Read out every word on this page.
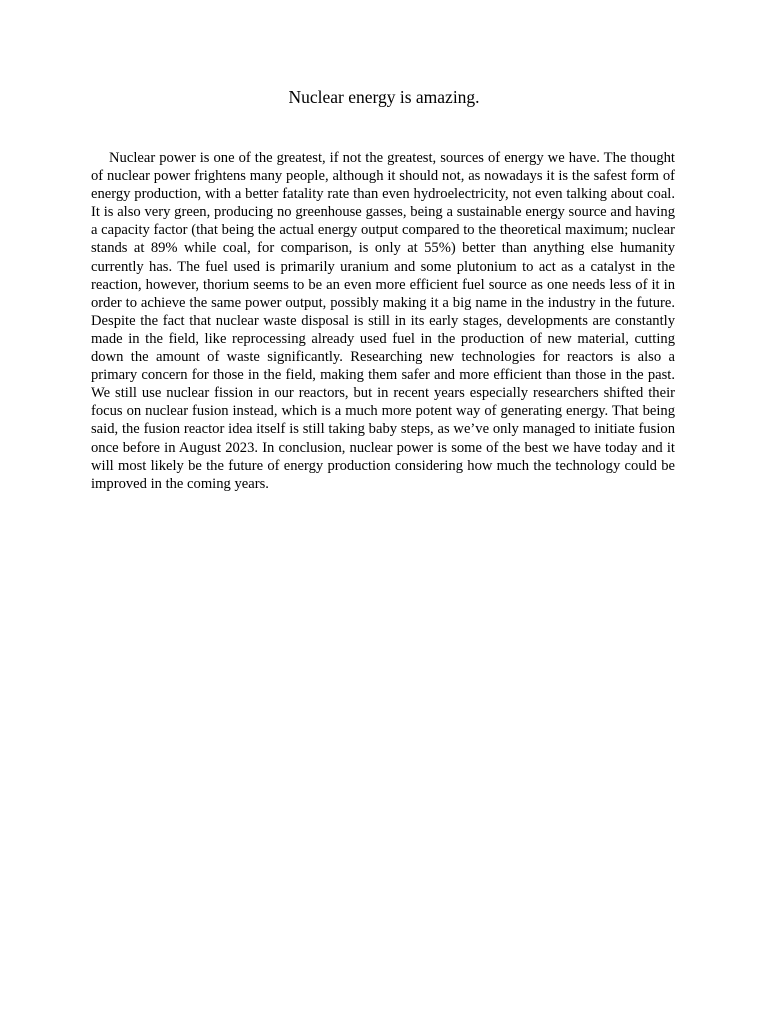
Nuclear energy is amazing.

Nuclear power is one of the greatest, if not the greatest, sources of energy we have. The thought of nuclear power frightens many people, although it should not, as nowadays it is the safest form of energy production, with a better fatality rate than even hydroelectricity, not even talking about coal. It is also very green, producing no greenhouse gasses, being a sustainable energy source and having a capacity factor (that being the actual energy output compared to the theoretical maximum; nuclear stands at 89% while coal, for comparison, is only at 55%) better than anything else humanity currently has. The fuel used is primarily uranium and some plutonium to act as a catalyst in the reaction, however, thorium seems to be an even more efficient fuel source as one needs less of it in order to achieve the same power output, possibly making it a big name in the industry in the future. Despite the fact that nuclear waste disposal is still in its early stages, developments are constantly made in the field, like reprocessing already used fuel in the production of new material, cutting down the amount of waste significantly. Researching new technologies for reactors is also a primary concern for those in the field, making them safer and more efficient than those in the past. We still use nuclear fission in our reactors, but in recent years especially researchers shifted their focus on nuclear fusion instead, which is a much more potent way of generating energy. That being said, the fusion reactor idea itself is still taking baby steps, as we’ve only managed to initiate fusion once before in August 2023. In conclusion, nuclear power is some of the best we have today and it will most likely be the future of energy production considering how much the technology could be improved in the coming years.
